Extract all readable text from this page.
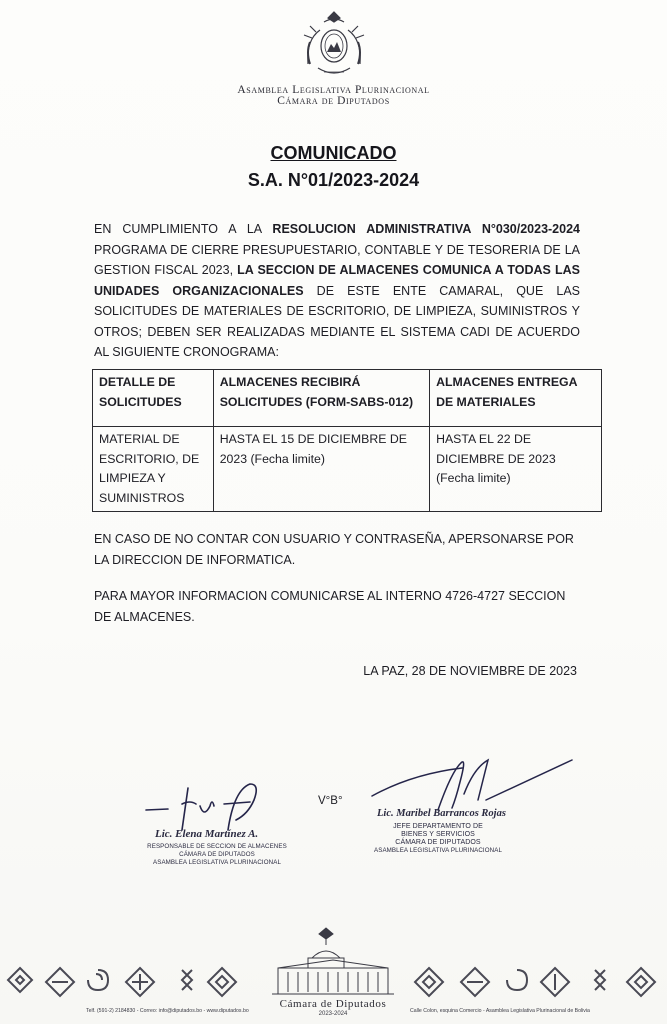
Asamblea Legislativa Plurinacional
Cámara de Diputados
COMUNICADO
S.A. N°01/2023-2024
EN CUMPLIMIENTO A LA RESOLUCION ADMINISTRATIVA N°030/2023-2024 PROGRAMA DE CIERRE PRESUPUESTARIO, CONTABLE Y DE TESORERIA DE LA GESTION FISCAL 2023, LA SECCION DE ALMACENES COMUNICA A TODAS LAS UNIDADES ORGANIZACIONALES DE ESTE ENTE CAMARAL, QUE LAS SOLICITUDES DE MATERIALES DE ESCRITORIO, DE LIMPIEZA, SUMINISTROS Y OTROS; DEBEN SER REALIZADAS MEDIANTE EL SISTEMA CADI DE ACUERDO AL SIGUIENTE CRONOGRAMA:
DETALLE DE SOLICITUDES	ALMACENES RECIBIRÁ SOLICITUDES (FORM-SABS-012)	ALMACENES ENTREGA DE MATERIALES
MATERIAL DE ESCRITORIO, DE LIMPIEZA Y SUMINISTROS	HASTA EL 15 DE DICIEMBRE DE 2023 (Fecha limite)	HASTA EL 22 DE DICIEMBRE DE 2023 (Fecha limite)
EN CASO DE NO CONTAR CON USUARIO Y CONTRASEÑA, APERSONARSE POR LA DIRECCION DE INFORMATICA.
PARA MAYOR INFORMACION COMUNICARSE AL INTERNO 4726-4727 SECCION DE ALMACENES.
LA PAZ, 28 DE NOVIEMBRE DE 2023
Lic. Elena Martínez A.
RESPONSABLE DE SECCION DE ALMACENES
CÁMARA DE DIPUTADOS
ASAMBLEA LEGISLATIVA PLURINACIONAL
V°B°
Lic. Maribel Barrancos Rojas
JEFE DEPARTAMENTO DE
BIENES Y SERVICIOS
CÁMARA DE DIPUTADOS
ASAMBLEA LEGISLATIVA PLURINACIONAL
Cámara de Diputados
2023-2024
Telf. (591-2) 2184830 - Correo: info@diputados.bo - www.diputados.bo	Calle Colon, esquina Comercio - Asamblea Legislativa Plurinacional de Bolivia
